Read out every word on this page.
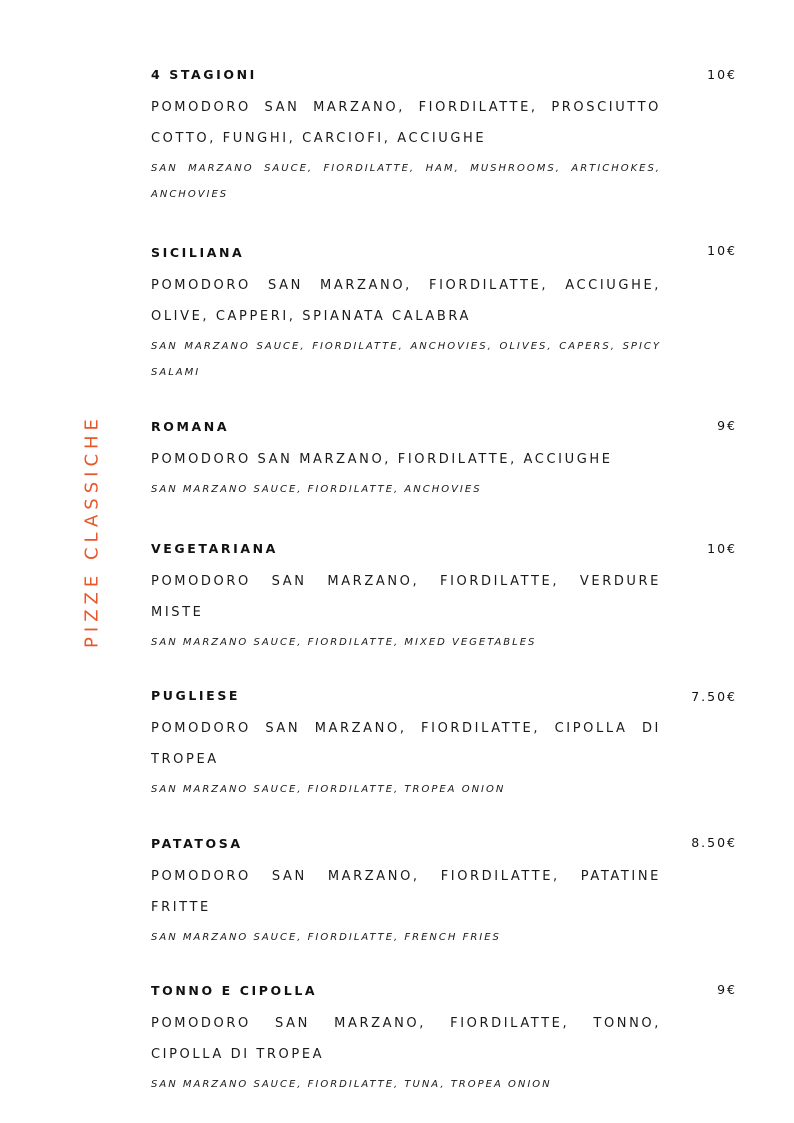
PIZZE CLASSICHE
4 STAGIONI
POMODORO SAN MARZANO, FIORDILATTE, PROSCIUTTO COTTO, FUNGHI, CARCIOFI, ACCIUGHE
SAN MARZANO SAUCE, FIORDILATTE, HAM, MUSHROOMS, ARTICHOKES, ANCHOVIES
10€
SICILIANA
POMODORO SAN MARZANO, FIORDILATTE, ACCIUGHE, OLIVE, CAPPERI, SPIANATA CALABRA
SAN MARZANO SAUCE, FIORDILATTE, ANCHOVIES, OLIVES, CAPERS, SPICY SALAMI
10€
ROMANA
POMODORO SAN MARZANO, FIORDILATTE, ACCIUGHE
SAN MARZANO SAUCE, FIORDILATTE, ANCHOVIES
9€
VEGETARIANA
POMODORO SAN MARZANO, FIORDILATTE, VERDURE MISTE
SAN MARZANO SAUCE, FIORDILATTE, MIXED VEGETABLES
10€
PUGLIESE
POMODORO SAN MARZANO, FIORDILATTE, CIPOLLA DI TROPEA
SAN MARZANO SAUCE, FIORDILATTE, TROPEA ONION
7.50€
PATATOSA
POMODORO SAN MARZANO, FIORDILATTE, PATATINE FRITTE
SAN MARZANO SAUCE, FIORDILATTE, FRENCH FRIES
8.50€
TONNO E CIPOLLA
POMODORO SAN MARZANO, FIORDILATTE, TONNO, CIPOLLA DI TROPEA
SAN MARZANO SAUCE, FIORDILATTE, TUNA, TROPEA ONION
9€
